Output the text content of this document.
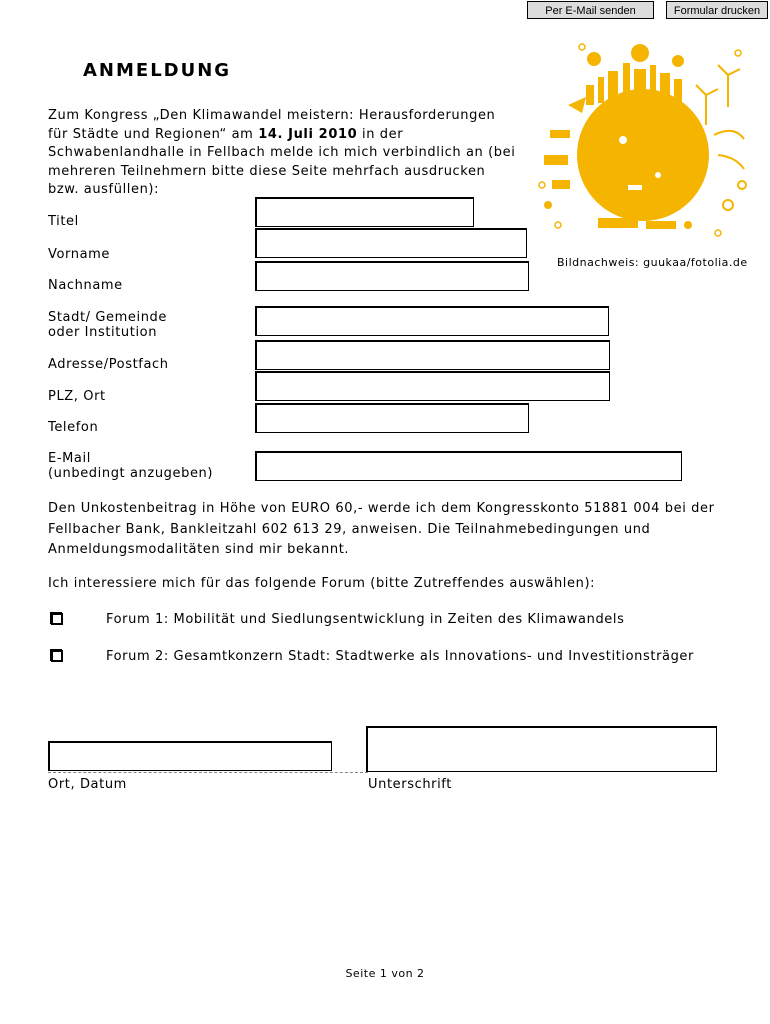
Per E-Mail senden	Formular drucken
ANMELDUNG
Zum Kongress „Den Klimawandel meistern: Herausforderungen für Städte und Regionen“ am 14. Juli 2010 in der Schwabenlandhalle in Fellbach melde ich mich verbindlich an (bei mehreren Teilnehmern bitte diese Seite mehrfach ausdrucken bzw. ausfüllen):
Bildnachweis: guukaa/fotolia.de
Titel
Vorname
Nachname
Stadt/ Gemeinde
oder Institution
Adresse/Postfach
PLZ, Ort
Telefon
E-Mail
(unbedingt anzugeben)
Den Unkostenbeitrag in Höhe von EURO 60,- werde ich dem Kongresskonto 51881 004 bei der Fellbacher Bank, Bankleitzahl 602 613 29, anweisen. Die Teilnahmebedingungen und Anmeldungsmodalitäten sind mir bekannt.
Ich interessiere mich für das folgende Forum (bitte Zutreffendes auswählen):
Forum 1: Mobilität und Siedlungsentwicklung in Zeiten des Klimawandels
Forum 2: Gesamtkonzern Stadt: Stadtwerke als Innovations- und Investitionsträger
Ort, Datum	Unterschrift
Seite 1 von 2
